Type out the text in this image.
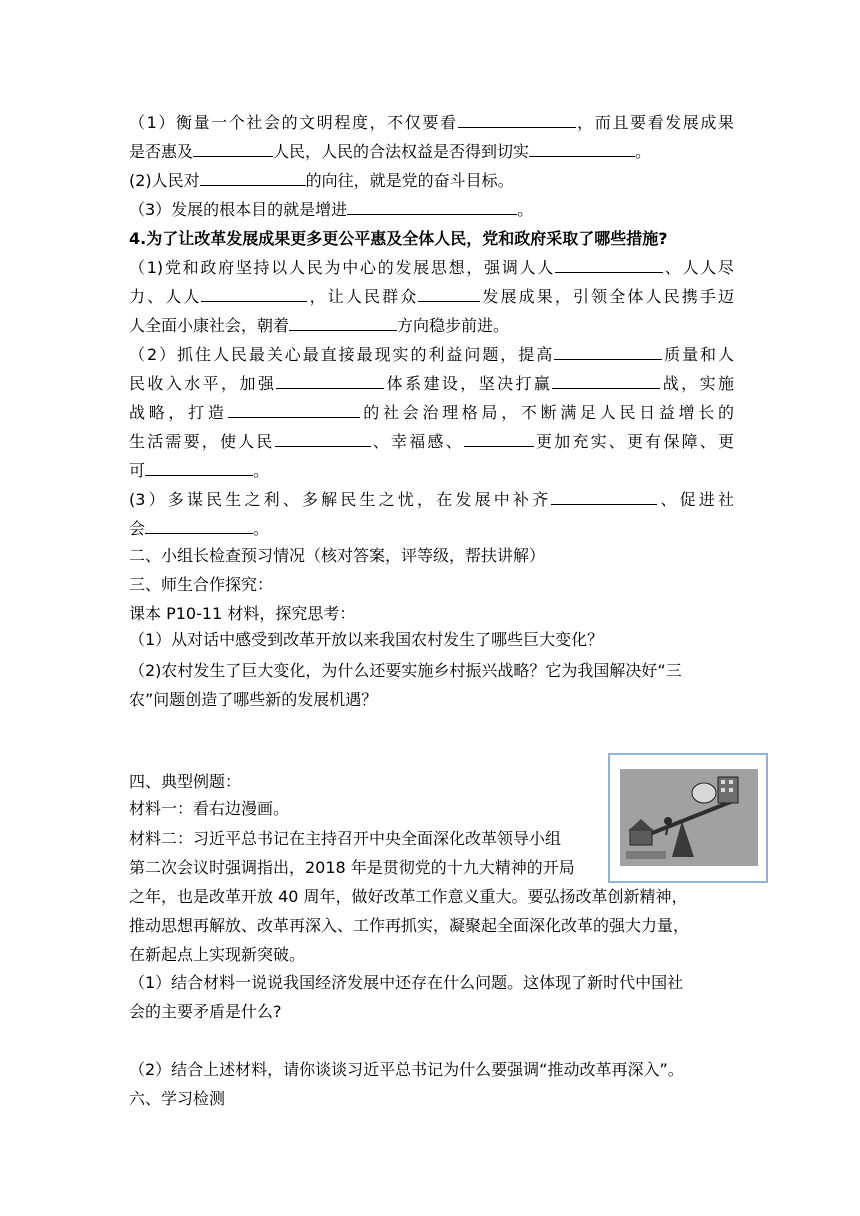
（1）衡量一个社会的文明程度，不仅要看	，而且要看发展成果
是否惠及	人民，人民的合法权益是否得到切实	。
(2)人民对	的向往，就是党的奋斗目标。
（3）发展的根本目的就是增进	。
4.为了让改革发展成果更多更公平惠及全体人民，党和政府采取了哪些措施?
（1)党和政府坚持以人民为中心的发展思想，强调人人	、人人尽
力、人人	，让人民群众	发展成果，引领全体人民携手迈
人全面小康社会，朝着	方向稳步前进。
（2）抓住人民最关心最直接最现实的利益问题，提高	质量和人
民收入水平，加强	体系建设，坚决打赢	战，实施
战略，打造	的社会治理格局，不断满足人民日益增长的
生活需要，使人民	、幸福感、	更加充实、更有保障、更
可	。
(3）多谋民生之利、多解民生之忧，在发展中补齐	、促进社
会	。
二、小组长检查预习情况（核对答案，评等级，帮扶讲解）
三、师生合作探究：
课本 P10-11 材料，探究思考：
（1）从对话中感受到改革开放以来我国农村发生了哪些巨大变化？
（2)农村发生了巨大变化，为什么还要实施乡村振兴战略？它为我国解决好“三
农”问题创造了哪些新的发展机遇？
四、典型例题：
材料一：看右边漫画。
材料二：习近平总书记在主持召开中央全面深化改革领导小组
第二次会议时强调指出，2018 年是贯彻党的十九大精神的开局
之年，也是改革开放 40 周年，做好改革工作意义重大。要弘扬改革创新精神，
推动思想再解放、改革再深入、工作再抓实，凝聚起全面深化改革的强大力量，
在新起点上实现新突破。
（1）结合材料一说说我国经济发展中还存在什么问题。这体现了新时代中国社
会的主要矛盾是什么?
（2）结合上述材料，请你谈谈习近平总书记为什么要强调“推动改革再深入”。
六、学习检测
